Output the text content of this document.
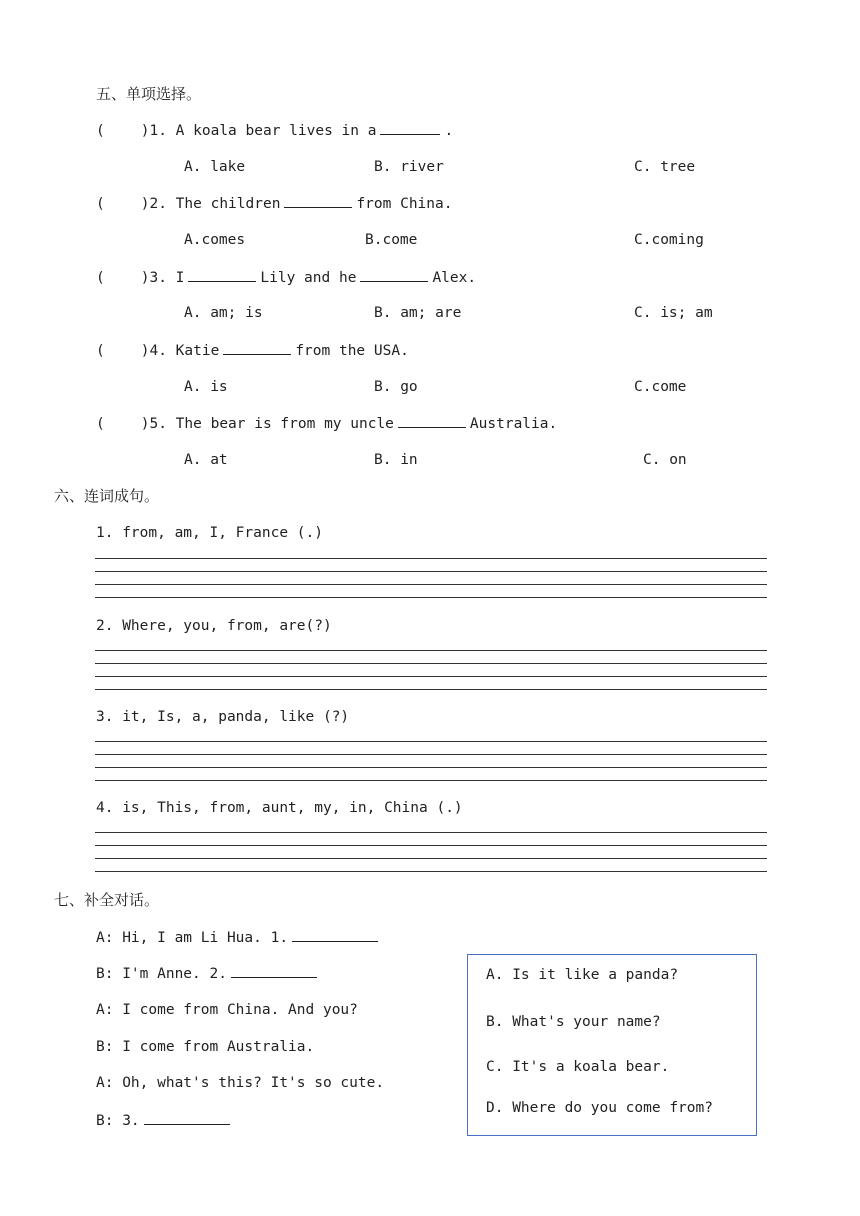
五、单项选择。
( )1. A koala bear lives in a	.
A. lake	B. river	C. tree
( )2. The children	from China.
A.comes	B.come	C.coming
( )3. I	Lily and he	Alex.
A. am; is	B. am; are	C. is; am
( )4. Katie	from the USA.
A. is	B. go	C.come
( )5. The bear is from my uncle	Australia.
A. at	B. in	C. on
六、连词成句。
1. from, am, I, France (.)
2. Where, you, from, are(?)
3. it, Is, a, panda, like (?)
4. is, This, from, aunt, my, in, China (.)
七、补全对话。
A: Hi, I am Li Hua. 1.
B: I'm Anne. 2.
A: I come from China. And you?
B: I come from Australia.
A: Oh, what's this? It's so cute.
B: 3.
A. Is it like a panda?
B. What's your name?
C. It's a koala bear.
D. Where do you come from?
